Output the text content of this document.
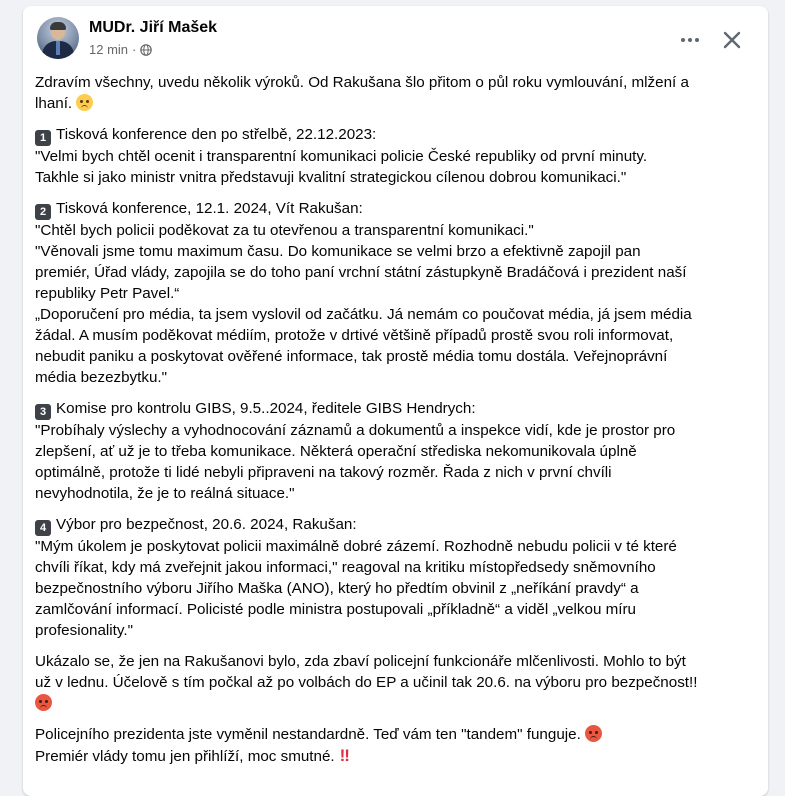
MUDr. Jiří Mašek
12 min ·
Zdravím všechny, uvedu několik výroků. Od Rakušana šlo přitom o půl roku vymlouvání, mlžení a
lhaní.
1 Tisková konference den po střelbě, 22.12.2023:
"Velmi bych chtěl ocenit i transparentní komunikaci policie České republiky od první minuty.
Takhle si jako ministr vnitra představuji kvalitní strategickou cílenou dobrou komunikaci."
2 Tisková konference, 12.1. 2024, Vít Rakušan:
"Chtěl bych policii poděkovat za tu otevřenou a transparentní komunikaci."
"Věnovali jsme tomu maximum času. Do komunikace se velmi brzo a efektivně zapojil pan
premiér, Úřad vlády, zapojila se do toho paní vrchní státní zástupkyně Bradáčová i prezident naší
republiky Petr Pavel.“
„Doporučení pro média, ta jsem vyslovil od začátku. Já nemám co poučovat média, já jsem média
žádal. A musím poděkovat médiím, protože v drtivé většině případů prostě svou roli informovat,
nebudit paniku a poskytovat ověřené informace, tak prostě média tomu dostála. Veřejnoprávní
média bezezbytku."
3 Komise pro kontrolu GIBS, 9.5..2024, ředitele GIBS Hendrych:
"Probíhaly výslechy a vyhodnocování záznamů a dokumentů a inspekce vidí, kde je prostor pro
zlepšení, ať už je to třeba komunikace. Některá operační střediska nekomunikovala úplně
optimálně, protože ti lidé nebyli připraveni na takový rozměr. Řada z nich v první chvíli
nevyhodnotila, že je to reálná situace."
4 Výbor pro bezpečnost, 20.6. 2024, Rakušan:
"Mým úkolem je poskytovat policii maximálně dobré zázemí. Rozhodně nebudu policii v té které
chvíli říkat, kdy má zveřejnit jakou informaci," reagoval na kritiku místopředsedy sněmovního
bezpečnostního výboru Jiřího Maška (ANO), který ho předtím obvinil z „neříkání pravdy“ a
zamlčování informací. Policisté podle ministra postupovali „příkladně“ a viděl „velkou míru
profesionality."
Ukázalo se, že jen na Rakušanovi bylo, zda zbaví policejní funkcionáře mlčenlivosti. Mohlo to být
už v lednu. Účelově s tím počkal až po volbách do EP a učinil tak 20.6. na výboru pro bezpečnost!!
Policejního prezidenta jste vyměnil nestandardně. Teď vám ten "tandem" funguje.
Premiér vlády tomu jen přihlíží, moc smutné. ‼
